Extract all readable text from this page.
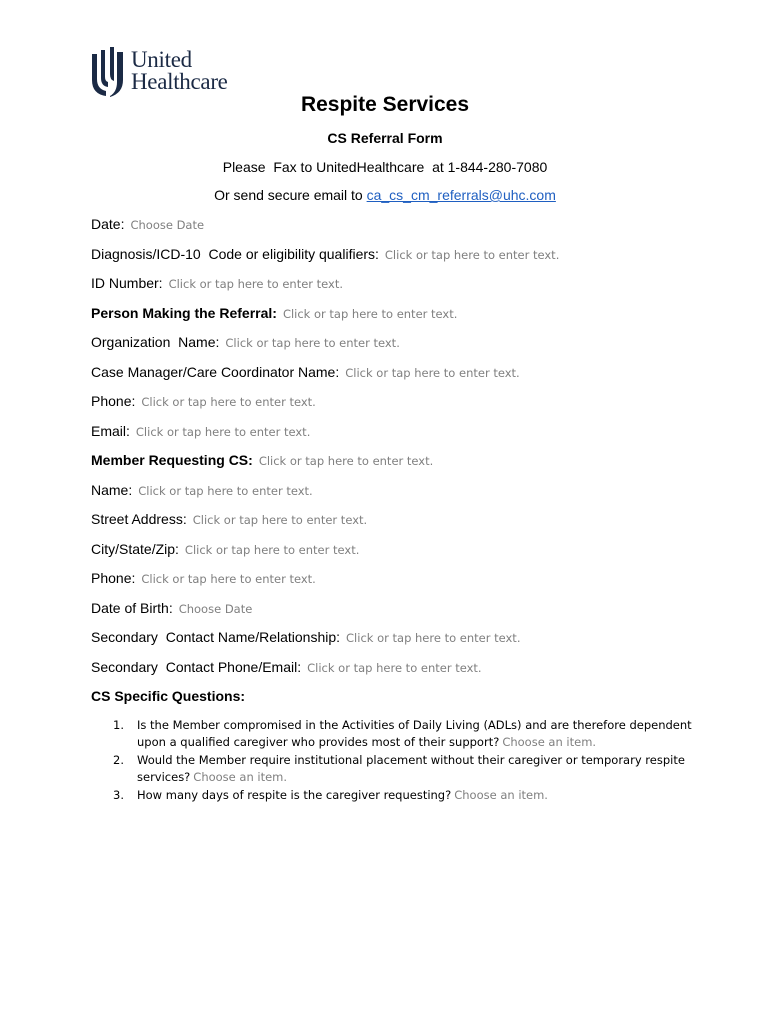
United
Healthcare
Respite Services
CS Referral Form
Please  Fax to UnitedHealthcare  at 1-844-280-7080
Or send secure email to ca_cs_cm_referrals@uhc.com
Date: Choose Date
Diagnosis/ICD-10  Code or eligibility qualifiers: Click or tap here to enter text.
ID Number: Click or tap here to enter text.
Person Making the Referral: Click or tap here to enter text.
Organization  Name: Click or tap here to enter text.
Case Manager/Care Coordinator Name: Click or tap here to enter text.
Phone: Click or tap here to enter text.
Email: Click or tap here to enter text.
Member Requesting CS: Click or tap here to enter text.
Name: Click or tap here to enter text.
Street Address: Click or tap here to enter text.
City/State/Zip: Click or tap here to enter text.
Phone: Click or tap here to enter text.
Date of Birth: Choose Date
Secondary  Contact Name/Relationship: Click or tap here to enter text.
Secondary  Contact Phone/Email: Click or tap here to enter text.
CS Specific Questions:
1. Is the Member compromised in the Activities of Daily Living (ADLs) and are therefore dependent upon a qualified caregiver who provides most of their support? Choose an item.
2. Would the Member require institutional placement without their caregiver or temporary respite services? Choose an item.
3. How many days of respite is the caregiver requesting? Choose an item.
